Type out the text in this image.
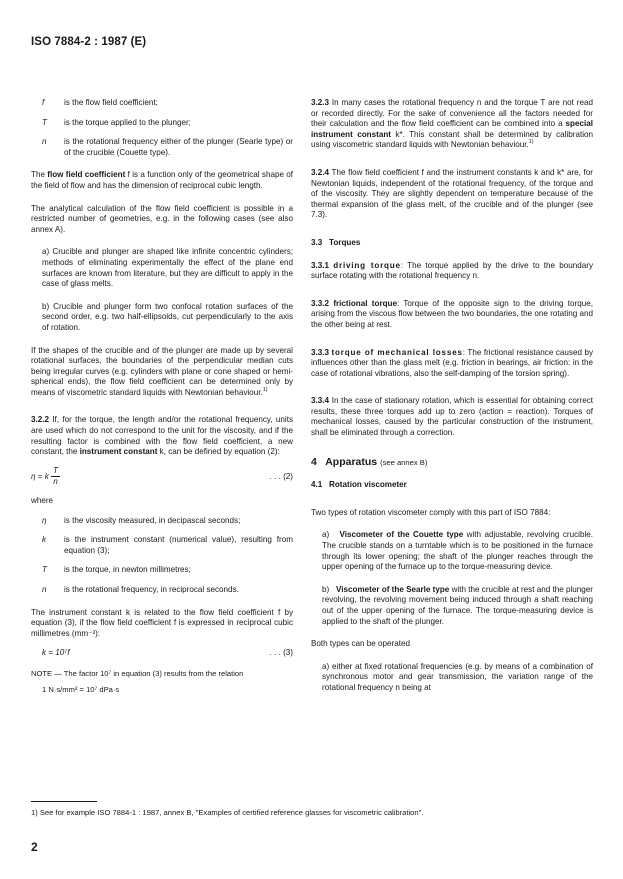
ISO 7884-2 : 1987 (E)
f	is the flow field coefficient;

T	is the torque applied to the plunger;

n	is the rotational frequency either of the plunger (Searle type) or of the crucible (Couette type).

The flow field coefficient f is a function only of the geometrical shape of the field of flow and has the dimension of reciprocal cubic length.

The analytical calculation of the flow field coefficient is possible in a restricted number of geometries, e.g. in the following cases (see also annex A).

a) Crucible and plunger are shaped like infinite concentric cylinders; methods of eliminating experimentally the effect of the plane end surfaces are known from literature, but they are difficult to apply in the case of glass melts.

b) Crucible and plunger form two confocal rotation surfaces of the second order, e.g. two half-ellipsoids, cut perpendicularly to the axis of rotation.

If the shapes of the crucible and of the plunger are made up by several rotational surfaces, the boundaries of the perpendicular median cuts being irregular curves (e.g. cylinders with plane or cone shaped or hemi-spherical ends), the flow field coefficient can be determined only by means of viscometric standard liquids with Newtonian behaviour.$^{1)}$

3.2.2 If, for the torque, the length and/or the rotational frequency, units are used which do not correspond to the unit for the viscosity, and if the resulting factor is combined with the flow field coefficient, a new constant, the instrument constant k, can be defined by equation (2):

η = k $\frac{T}{n}$	. . . (2)

where

η	is the viscosity measured, in decipascal seconds;

k	is the instrument constant (numerical value), resulting from equation (3);

T	is the torque, in newton millimetres;

n	is the rotational frequency, in reciprocal seconds.

The instrument constant k is related to the flow field coefficient f by equation (3), if the flow field coefficient f is expressed in reciprocal cubic millimetres (mm⁻³):

k = 10⁷f	. . . (3)

NOTE — The factor 10⁷ in equation (3) results from the relation

1 N·s/mm² = 10⁷ dPa·s

3.2.3 In many cases the rotational frequency n and the torque T are not read or recorded directly. For the sake of convenience all the factors needed for their calculation and the flow field coefficient can be combined into a special instrument constant k*. This constant shall be determined by calibration using viscometric standard liquids with Newtonian behaviour.$^{1)}$

3.2.4 The flow field coefficient f and the instrument constants k and k* are, for Newtonian liquids, independent of the rotational frequency, of the torque and of the viscosity. They are slightly dependent on temperature because of the thermal expansion of the glass melt, of the crucible and of the plunger (see 7.3).

3.3 Torques

3.3.1 driving torque: The torque applied by the drive to the boundary surface rotating with the rotational frequency n.

3.3.2 frictional torque: Torque of the opposite sign to the driving torque, arising from the viscous flow between the two boundaries, the one rotating and the other being at rest.

3.3.3 torque of mechanical losses: The frictional resistance caused by influences other than the glass melt (e.g. friction in bearings, air friction: in the case of rotational vibrations, also the self-damping of the torsion spring).

3.3.4 In the case of stationary rotation, which is essential for obtaining correct results, these three torques add up to zero (action = reaction). Torques of mechanical losses, caused by the particular construction of the instrument, shall be eliminated through a correction.

4 Apparatus (see annex B)

4.1 Rotation viscometer

Two types of rotation viscometer comply with this part of ISO 7884:

a) Viscometer of the Couette type with adjustable, revolving crucible. The crucible stands on a turntable which is to be positioned in the furnace through its lower opening; the shaft of the plunger reaches through the upper opening of the furnace up to the torque-measuring device.

b) Viscometer of the Searle type with the crucible at rest and the plunger revolving, the revolving movement being induced through a shaft reaching out of the upper opening of the furnace. The torque-measuring device is applied to the shaft of the plunger.

Both types can be operated

a) either at fixed rotational frequencies (e.g. by means of a combination of synchronous motor and gear transmission, the variation range of the rotational frequency n being at

1) See for example ISO 7884-1 : 1987, annex B, "Examples of certified reference glasses for viscometric calibration".
2
